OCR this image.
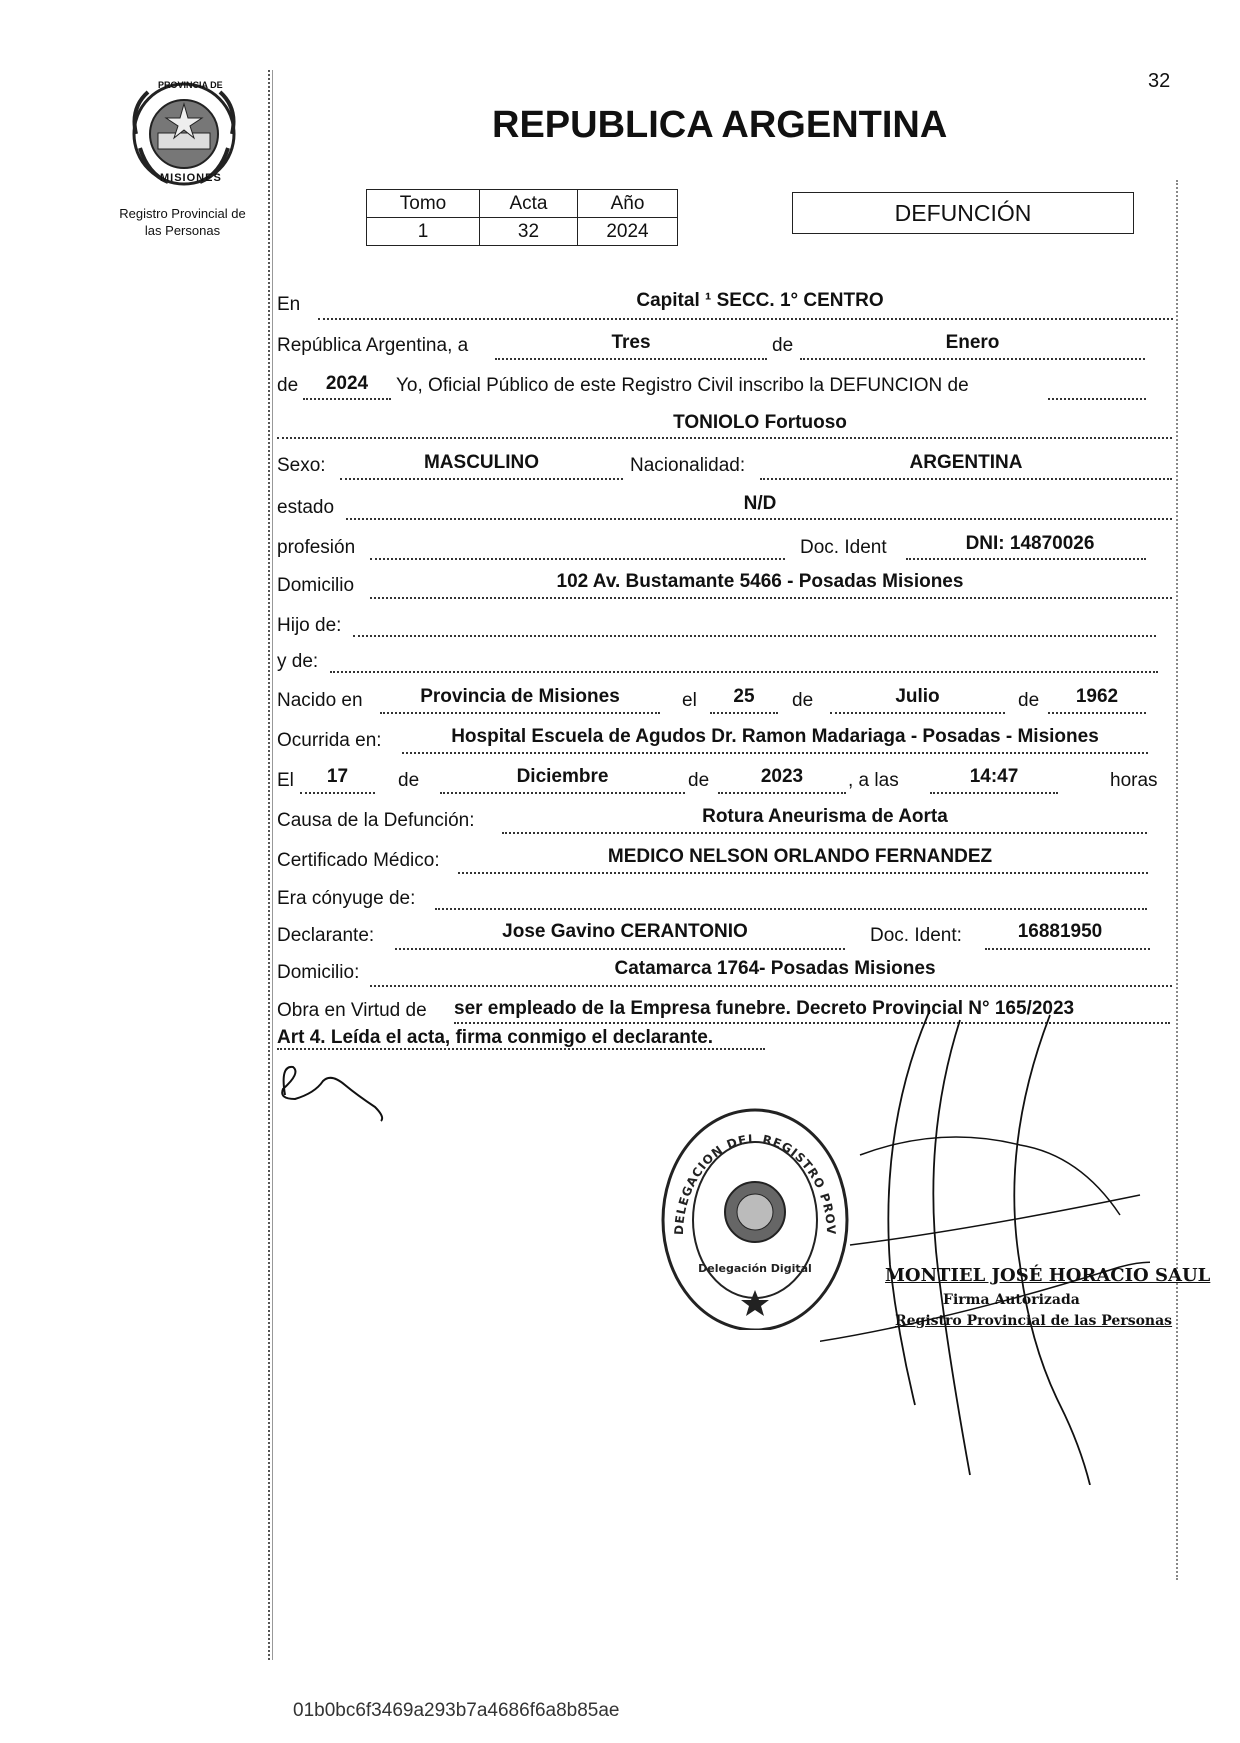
32
PROVINCIA DE
MISIONES
Registro Provincial de
las Personas
REPUBLICA ARGENTINA
Tomo	Acta	Año
1	32	2024
DEFUNCIÓN
En	Capital ¹ SECC. 1° CENTRO
República Argentina, a	Tres	de	Enero
de	2024	Yo, Oficial Público de este Registro Civil inscribo la DEFUNCION de
TONIOLO Fortuoso
Sexo:	MASCULINO	Nacionalidad:	ARGENTINA
estado	N/D
profesión	Doc. Ident	DNI: 14870026
Domicilio	102 Av. Bustamante 5466 - Posadas Misiones
Hijo de:
y de:
Nacido en	Provincia de Misiones	el	25	de	Julio	de	1962
Ocurrida en:	Hospital Escuela de Agudos Dr. Ramon Madariaga - Posadas - Misiones
El	17	de	Diciembre	de	2023	, a las	14:47	horas
Causa de la Defunción:	Rotura Aneurisma de Aorta
Certificado Médico:	MEDICO NELSON ORLANDO FERNANDEZ
Era cónyuge de:
Declarante:	Jose Gavino CERANTONIO	Doc. Ident:	16881950
Domicilio:	Catamarca 1764- Posadas Misiones
Obra en Virtud de ser empleado de la Empresa funebre. Decreto Provincial N° 165/2023
Art 4. Leída el acta, firma conmigo el declarante.
DELEGACION DEL REGISTRO PROV
Delegación Digital	MONTIEL JOSÉ HORACIO SAUL
Firma Autorizada
Registro Provincial de las Personas
01b0bc6f3469a293b7a4686f6a8b85ae
